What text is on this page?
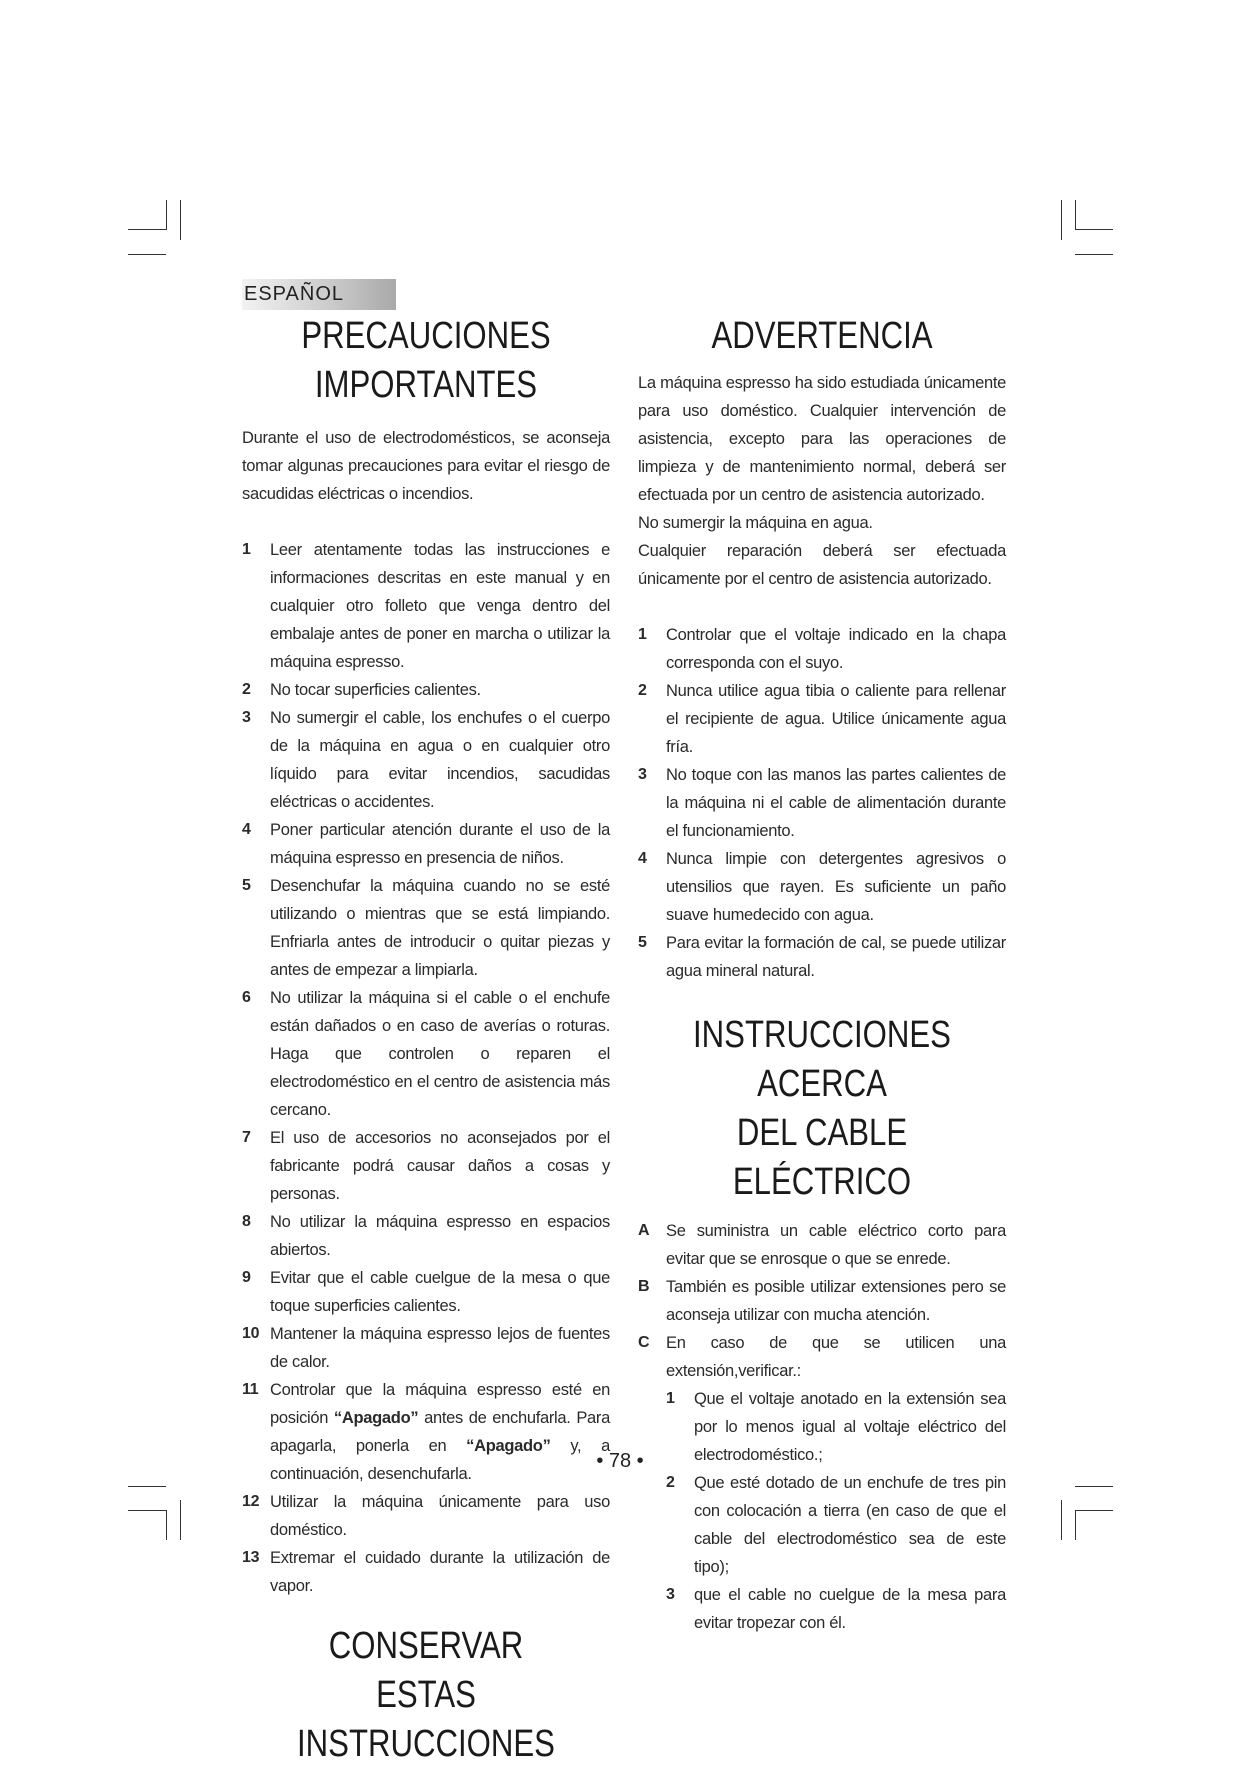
ESPAÑOL
PRECAUCIONES
IMPORTANTES

Durante el uso de electrodomésticos, se aconseja tomar algunas precauciones para evitar el riesgo de sacudidas eléctricas o incendios.

1 Leer atentamente todas las instrucciones e informaciones descritas en este manual y en cualquier otro folleto que venga dentro del embalaje antes de poner en marcha o utilizar la máquina espresso.
2 No tocar superficies calientes.
3 No sumergir el cable, los enchufes o el cuerpo de la máquina en agua o en cualquier otro líquido para evitar incendios, sacudidas eléctricas o accidentes.
4 Poner particular atención durante el uso de la máquina espresso en presencia de niños.
5 Desenchufar la máquina cuando no se esté utilizando o mientras que se está limpiando. Enfriarla antes de introducir o quitar piezas y antes de empezar a limpiarla.
6 No utilizar la máquina si el cable o el enchufe están dañados o en caso de averías o roturas. Haga que controlen o reparen el electrodoméstico en el centro de asistencia más cercano.
7 El uso de accesorios no aconsejados por el fabricante podrá causar daños a cosas y personas.
8 No utilizar la máquina espresso en espacios abiertos.
9 Evitar que el cable cuelgue de la mesa o que toque superficies calientes.
10 Mantener la máquina espresso lejos de fuentes de calor.
11 Controlar que la máquina espresso esté en posición “Apagado” antes de enchufarla. Para apagarla, ponerla en “Apagado” y, a continuación, desenchufarla.
12 Utilizar la máquina únicamente para uso doméstico.
13 Extremar el cuidado durante la utilización de vapor.
CONSERVAR ESTAS
INSTRUCCIONES
ADVERTENCIA

La máquina espresso ha sido estudiada únicamente para uso doméstico. Cualquier intervención de asistencia, excepto para las operaciones de limpieza y de mantenimiento normal, deberá ser efectuada por un centro de asistencia autorizado.

No sumergir la máquina en agua.

Cualquier reparación deberá ser efectuada únicamente por el centro de asistencia autorizado.

1 Controlar que el voltaje indicado en la chapa corresponda con el suyo.
2 Nunca utilice agua tibia o caliente para rellenar el recipiente de agua. Utilice únicamente agua fría.
3 No toque con las manos las partes calientes de la máquina ni el cable de alimentación durante el funcionamiento.
4 Nunca limpie con detergentes agresivos o utensilios que rayen. Es suficiente un paño suave humedecido con agua.
5 Para evitar la formación de cal, se puede utilizar agua mineral natural.
INSTRUCCIONES ACERCA
DEL CABLE ELÉCTRICO
A Se suministra un cable eléctrico corto para evitar que se enrosque o que se enrede.
B También es posible utilizar extensiones pero se aconseja utilizar con mucha atención.
C En caso de que se utilicen una extensión,verificar.:
1 Que el voltaje anotado en la extensión sea por lo menos igual al voltaje eléctrico del electrodoméstico.;
2 Que esté dotado de un enchufe de tres pin con colocación a tierra (en caso de que el cable del electrodoméstico sea de este tipo);
3 que el cable no cuelgue de la mesa para evitar tropezar con él.
• 78 •
